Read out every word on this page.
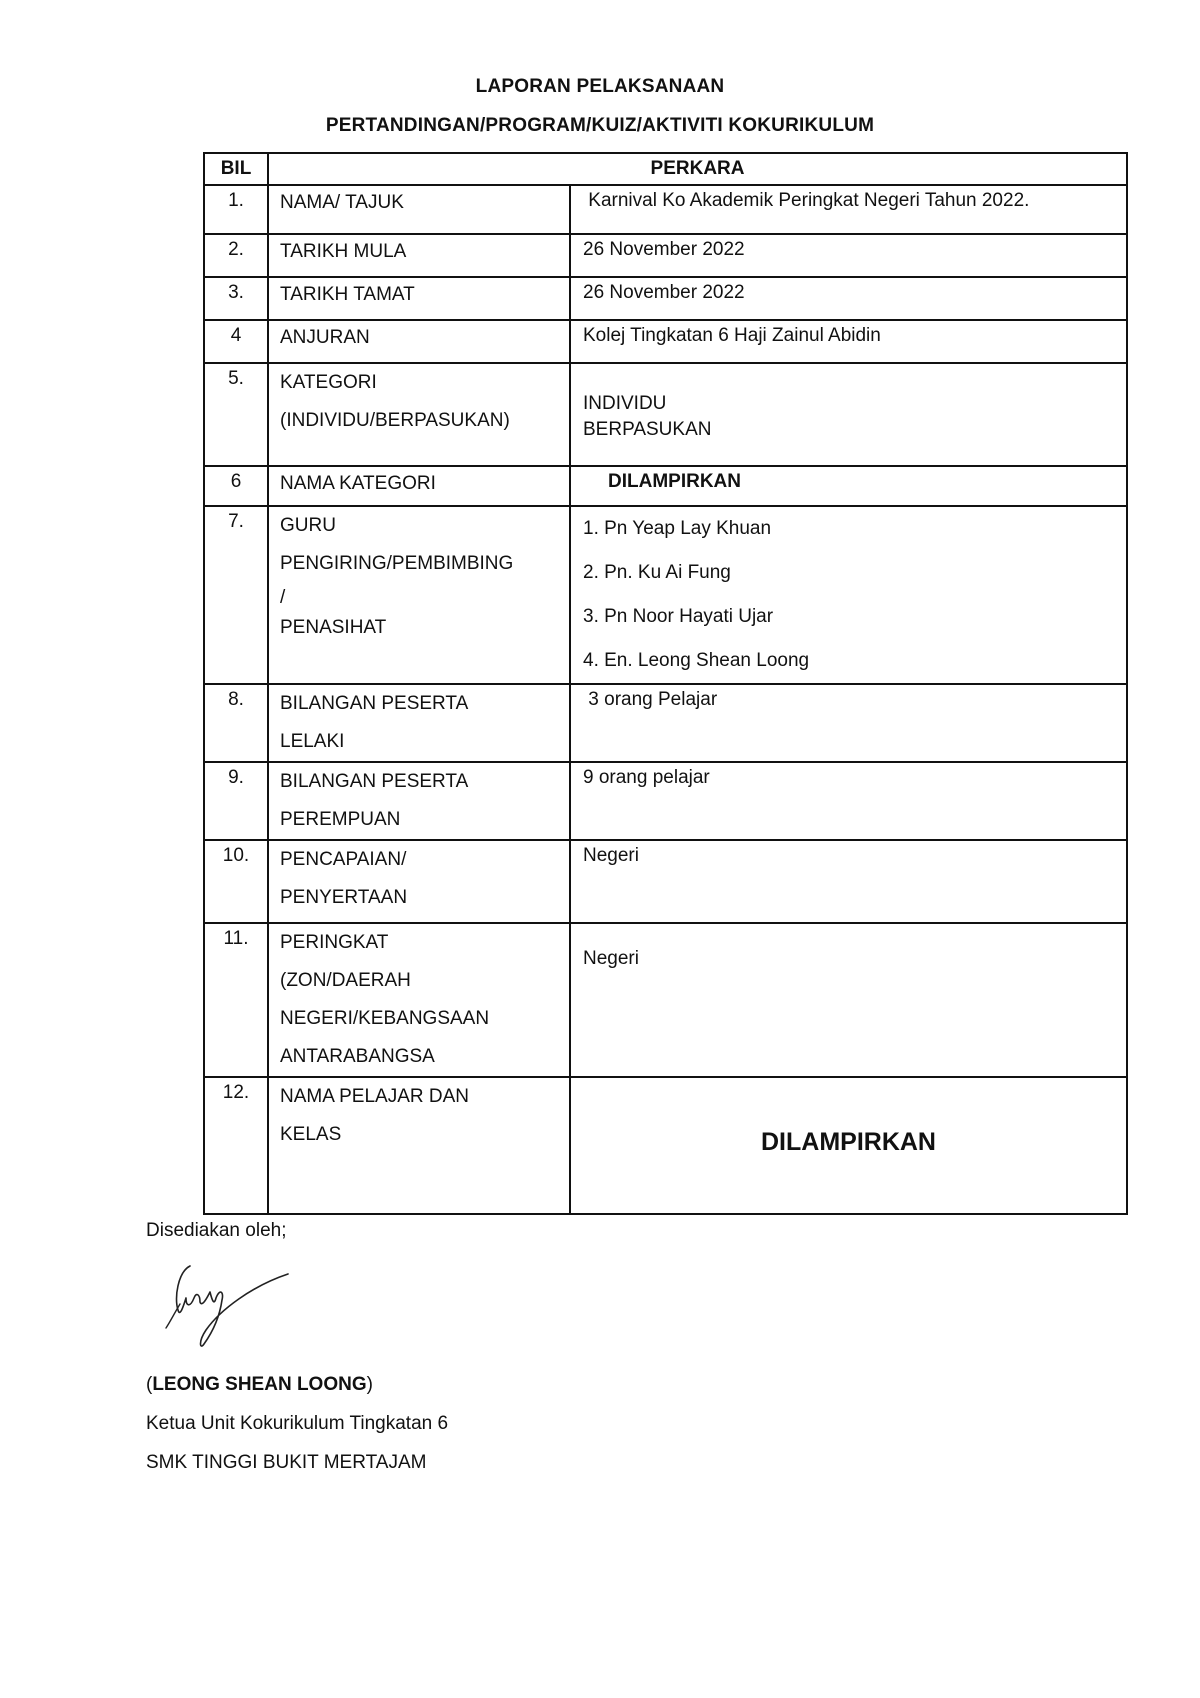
LAPORAN PELAKSANAAN
PERTANDINGAN/PROGRAM/KUIZ/AKTIVITI KOKURIKULUM
BIL	PERKARA	
1.	NAMA/ TAJUK	Karnival Ko Akademik Peringkat Negeri Tahun 2022.
2.	TARIKH MULA	26 November 2022
3.	TARIKH TAMAT	26 November 2022
4	ANJURAN	Kolej Tingkatan 6 Haji Zainul Abidin
5.	KATEGORI
(INDIVIDU/BERPASUKAN)	INDIVIDU
BERPASUKAN

6	NAMA KATEGORI	DILAMPIRKAN
7.	GURU
PENGIRING/PEMBIMBING
/
PENASIHAT	1. Pn Yeap Lay Khuan
2. Pn. Ku Ai Fung
3. Pn Noor Hayati Ujar
4. En. Leong Shean Loong

8.	BILANGAN PESERTA
LELAKI	3 orang Pelajar
9.	BILANGAN PESERTA
PEREMPUAN	9 orang pelajar
10.	PENCAPAIAN/
PENYERTAAN	Negeri
11.	PERINGKAT
(ZON/DAERAH
NEGERI/KEBANGSAAN
ANTARABANGSA	Negeri
12.	NAMA PELAJAR DAN
KELAS	DILAMPIRKAN
Disediakan oleh;
(LEONG SHEAN LOONG)
Ketua Unit Kokurikulum Tingkatan 6
SMK TINGGI BUKIT MERTAJAM
